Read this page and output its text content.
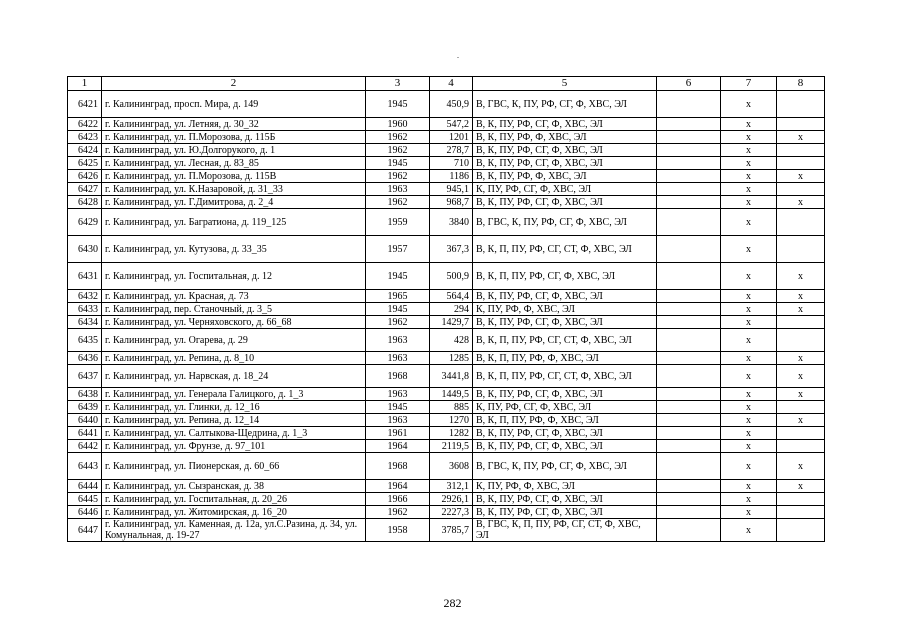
1	2	3	4	5	6	7	8
6421	г. Калининград, просп. Мира, д. 149	1945	450,9	В, ГВС, К, ПУ, РФ, СГ, Ф, ХВС, ЭЛ		x	
6422	г. Калининград, ул. Летняя, д. 30_32	1960	547,2	В, К, ПУ, РФ, СГ, Ф, ХВС, ЭЛ		x	
6423	г. Калининград, ул. П.Морозова, д. 115Б	1962	1201	В, К, ПУ, РФ, Ф, ХВС, ЭЛ		x	x
6424	г. Калининград, ул. Ю.Долгорукого, д. 1	1962	278,7	В, К, ПУ, РФ, СГ, Ф, ХВС, ЭЛ		x	
6425	г. Калининград, ул. Лесная, д. 83_85	1945	710	В, К, ПУ, РФ, СГ, Ф, ХВС, ЭЛ		x	
6426	г. Калининград, ул. П.Морозова, д. 115В	1962	1186	В, К, ПУ, РФ, Ф, ХВС, ЭЛ		x	x
6427	г. Калининград, ул. К.Назаровой, д. 31_33	1963	945,1	К, ПУ, РФ, СГ, Ф, ХВС, ЭЛ		x	
6428	г. Калининград, ул. Г.Димитрова, д. 2_4	1962	968,7	В, К, ПУ, РФ, СГ, Ф, ХВС, ЭЛ		x	x
6429	г. Калининград, ул. Багратиона, д. 119_125	1959	3840	В, ГВС, К, ПУ, РФ, СГ, Ф, ХВС, ЭЛ		x	
6430	г. Калининград, ул. Кутузова, д. 33_35	1957	367,3	В, К, П, ПУ, РФ, СГ, СТ, Ф, ХВС, ЭЛ		x	
6431	г. Калининград, ул. Госпитальная, д. 12	1945	500,9	В, К, П, ПУ, РФ, СГ, Ф, ХВС, ЭЛ		x	x
6432	г. Калининград, ул. Красная, д. 73	1965	564,4	В, К, ПУ, РФ, СГ, Ф, ХВС, ЭЛ		x	x
6433	г. Калининград, пер. Станочный, д. 3_5	1945	294	К, ПУ, РФ, Ф, ХВС, ЭЛ		x	x
6434	г. Калининград, ул. Черняховского, д. 66_68	1962	1429,7	В, К, ПУ, РФ, СГ, Ф, ХВС, ЭЛ		x	
6435	г. Калининград, ул. Огарева, д. 29	1963	428	В, К, П, ПУ, РФ, СГ, СТ, Ф, ХВС, ЭЛ		x	
6436	г. Калининград, ул. Репина, д. 8_10	1963	1285	В, К, П, ПУ, РФ, Ф, ХВС, ЭЛ		x	x
6437	г. Калининград, ул. Нарвская, д. 18_24	1968	3441,8	В, К, П, ПУ, РФ, СГ, СТ, Ф, ХВС, ЭЛ		x	x
6438	г. Калининград, ул. Генерала Галицкого, д. 1_3	1963	1449,5	В, К, ПУ, РФ, СГ, Ф, ХВС, ЭЛ		x	x
6439	г. Калининград, ул. Глинки, д. 12_16	1945	885	К, ПУ, РФ, СГ, Ф, ХВС, ЭЛ		x	
6440	г. Калининград, ул. Репина, д. 12_14	1963	1270	В, К, П, ПУ, РФ, Ф, ХВС, ЭЛ		x	x
6441	г. Калининград, ул. Салтыкова-Щедрина, д. 1_3	1961	1282	В, К, ПУ, РФ, СГ, Ф, ХВС, ЭЛ		x	
6442	г. Калининград, ул. Фрунзе, д. 97_101	1964	2119,5	В, К, ПУ, РФ, СГ, Ф, ХВС, ЭЛ		x	
6443	г. Калининград, ул. Пионерская, д. 60_66	1968	3608	В, ГВС, К, ПУ, РФ, СГ, Ф, ХВС, ЭЛ		x	x
6444	г. Калининград, ул. Сызранская, д. 38	1964	312,1	К, ПУ, РФ, Ф, ХВС, ЭЛ		x	x
6445	г. Калининград, ул. Госпитальная, д. 20_26	1966	2926,1	В, К, ПУ, РФ, СГ, Ф, ХВС, ЭЛ		x	
6446	г. Калининград, ул. Житомирская, д. 16_20	1962	2227,3	В, К, ПУ, РФ, СГ, Ф, ХВС, ЭЛ		x	
6447	г. Калининград, ул. Каменная, д. 12а, ул.С.Разина, д. 34, ул. Комунальная, д. 19-27	1958	3785,7	В, ГВС, К, П, ПУ, РФ, СГ, СТ, Ф, ХВС, ЭЛ		x	
282
